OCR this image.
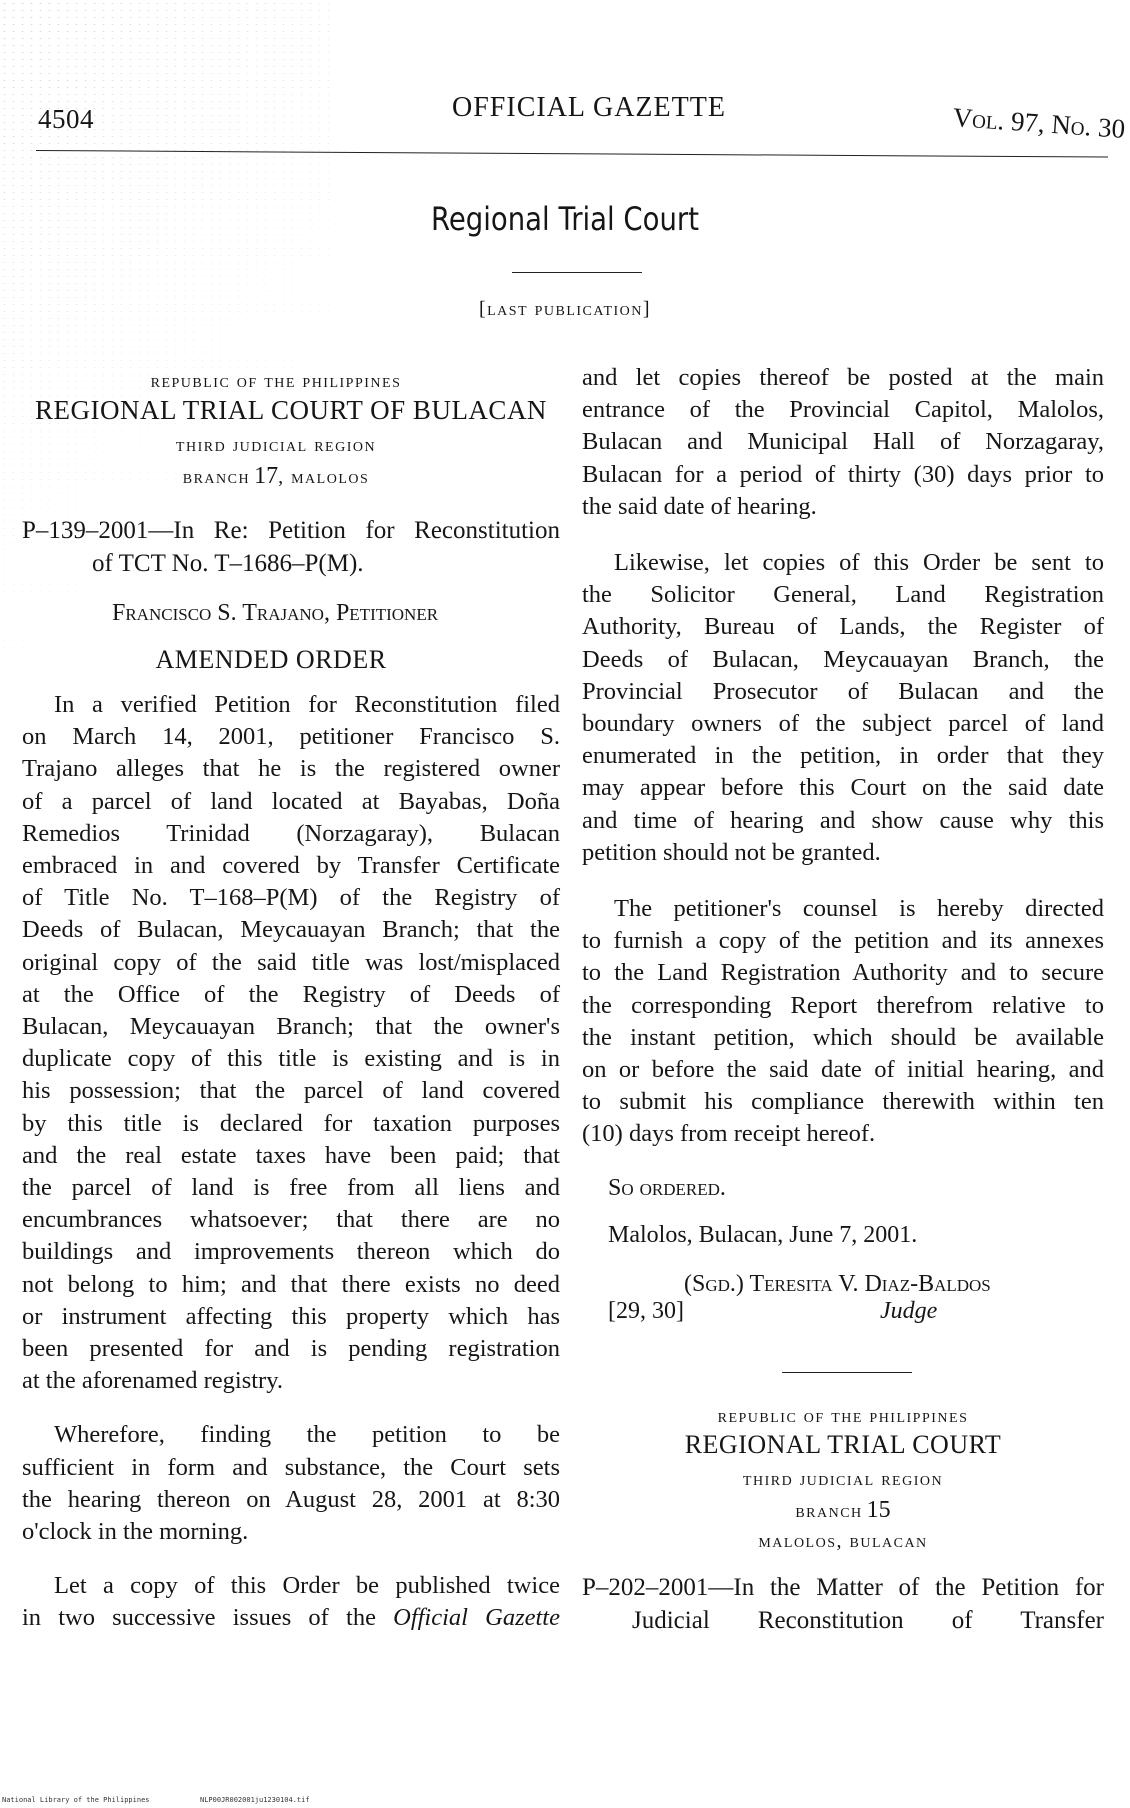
4504	OFFICIAL GAZETTE	Vol. 97, No. 30
Regional Trial Court
[last publication]
republic of the philippines
REGIONAL TRIAL COURT OF BULACAN
third judicial region
branch 17, malolos
P–139–2001—In Re: Petition for Reconstitution
of TCT No. T–1686–P(M).
Francisco S. Trajano, Petitioner
AMENDED ORDER
In a verified Petition for Reconstitution filed
on March 14, 2001, petitioner Francisco S.
Trajano alleges that he is the registered owner
of a parcel of land located at Bayabas, Doña
Remedios Trinidad (Norzagaray), Bulacan
embraced in and covered by Transfer Certificate
of Title No. T–168–P(M) of the Registry of
Deeds of Bulacan, Meycauayan Branch; that the
original copy of the said title was lost/misplaced
at the Office of the Registry of Deeds of
Bulacan, Meycauayan Branch; that the owner's
duplicate copy of this title is existing and is in
his possession; that the parcel of land covered
by this title is declared for taxation purposes
and the real estate taxes have been paid; that
the parcel of land is free from all liens and
encumbrances whatsoever; that there are no
buildings and improvements thereon which do
not belong to him; and that there exists no deed
or instrument affecting this property which has
been presented for and is pending registration
at the aforenamed registry.
Wherefore, finding the petition to be
sufficient in form and substance, the Court sets
the hearing thereon on August 28, 2001 at 8:30
o'clock in the morning.
Let a copy of this Order be published twice
in two successive issues of the Official Gazette
and let copies thereof be posted at the main
entrance of the Provincial Capitol, Malolos,
Bulacan and Municipal Hall of Norzagaray,
Bulacan for a period of thirty (30) days prior to
the said date of hearing.
Likewise, let copies of this Order be sent to
the Solicitor General, Land Registration
Authority, Bureau of Lands, the Register of
Deeds of Bulacan, Meycauayan Branch, the
Provincial Prosecutor of Bulacan and the
boundary owners of the subject parcel of land
enumerated in the petition, in order that they
may appear before this Court on the said date
and time of hearing and show cause why this
petition should not be granted.
The petitioner's counsel is hereby directed
to furnish a copy of the petition and its annexes
to the Land Registration Authority and to secure
the corresponding Report therefrom relative to
the instant petition, which should be available
on or before the said date of initial hearing, and
to submit his compliance therewith within ten
(10) days from receipt hereof.
So ordered.
Malolos, Bulacan, June 7, 2001.
(Sgd.) Teresita V. Diaz-Baldos
[29, 30]	Judge
republic of the philippines
REGIONAL TRIAL COURT
third judicial region
branch 15
malolos, bulacan
P–202–2001—In the Matter of the Petition for
Judicial Reconstitution of Transfer
National Library of the Philippines	NLP00JR002001ju1230104.tif
